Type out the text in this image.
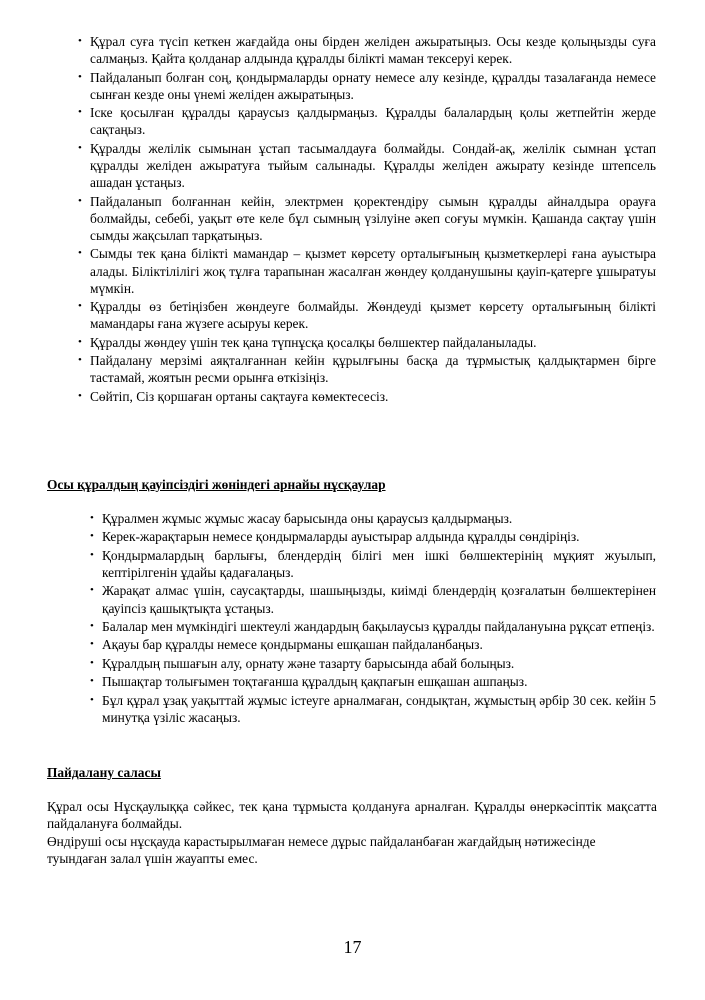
• Құрал суға түсіп кеткен жағдайда оны бірден желіден ажыратыңыз. Осы кезде қолыңызды суға салмаңыз. Қайта қолданар алдында құралды білікті маман тексеруі керек.
• Пайдаланып болған соң, қондырмаларды орнату немесе алу кезінде, құралды тазалағанда немесе сынған кезде оны үнемі желіден ажыратыңыз.
• Іске қосылған құралды қараусыз қалдырмаңыз. Құралды балалардың қолы жетпейтін жерде сақтаңыз.
• Құралды желілік сымынан ұстап тасымалдауға болмайды. Сондай-ақ, желілік сымнан ұстап құралды желіден ажыратуға тыйым салынады. Құралды желіден ажырату кезінде штепсель ашадан ұстаңыз.
• Пайдаланып болғаннан кейін, электрмен қоректендіру сымын құралды айналдыра орауға болмайды, себебі, уақыт өте келе бұл сымның үзілуіне әкеп соғуы мүмкін. Қашанда сақтау үшін сымды жақсылап тарқатыңыз.
• Сымды тек қана білікті мамандар – қызмет көрсету орталығының қызметкерлері ғана ауыстыра алады. Біліктілілігі жоқ тұлға тарапынан жасалған жөндеу қолданушыны қауіп-қатерге ұшыратуы мүмкін.
• Құралды өз бетіңізбен жөндеуге болмайды. Жөндеуді қызмет көрсету орталығының білікті мамандары ғана жүзеге асыруы керек.
• Құралды жөндеу үшін тек қана түпнұсқа қосалқы бөлшектер пайдаланылады.
• Пайдалану мерзімі аяқталғаннан кейін құрылғыны басқа да тұрмыстық қалдықтармен бірге тастамай, жоятын ресми орынға өткізіңіз.
• Сөйтіп, Сіз қоршаған ортаны сақтауға көмектесесіз.
Осы құралдың қауіпсіздігі жөніндегі арнайы нұсқаулар
• Құралмен жұмыс жұмыс жасау барысында оны қараусыз қалдырмаңыз.
• Керек-жарақтарын немесе қондырмаларды ауыстырар алдында құралды сөндіріңіз.
• Қондырмалардың барлығы, блендердің білігі мен ішкі бөлшектерінің мұқият жуылып, кептірілгенін ұдайы қадағалаңыз.
• Жарақат алмас үшін, саусақтарды, шашыңызды, киімді блендердің қозғалатын бөлшектерінен қауіпсіз қашықтықта ұстаңыз.
• Балалар мен мүмкіндігі шектеулі жандардың бақылаусыз құралды пайдалануына рұқсат етпеңіз.
• Ақауы бар құралды немесе қондырманы ешқашан пайдаланбаңыз.
• Құралдың пышағын алу, орнату және тазарту барысында абай болыңыз.
• Пышақтар толығымен тоқтағанша құралдың қақпағын ешқашан ашпаңыз.
• Бұл құрал ұзақ уақыттай жұмыс істеуге арналмаған, сондықтан, жұмыстың әрбір 30 сек. кейін 5 минутқа үзіліс жасаңыз.
Пайдалану саласы

Құрал осы Нұсқаулыққа сәйкес, тек қана тұрмыста қолдануға арналған. Құралды өнеркәсіптік мақсатта пайдалануға болмайды.

Өндіруші осы нұсқауда карастырылмаған немесе дұрыс пайдаланбаған жағдайдың нәтижесінде туындаған залал үшін жауапты емес.

17
